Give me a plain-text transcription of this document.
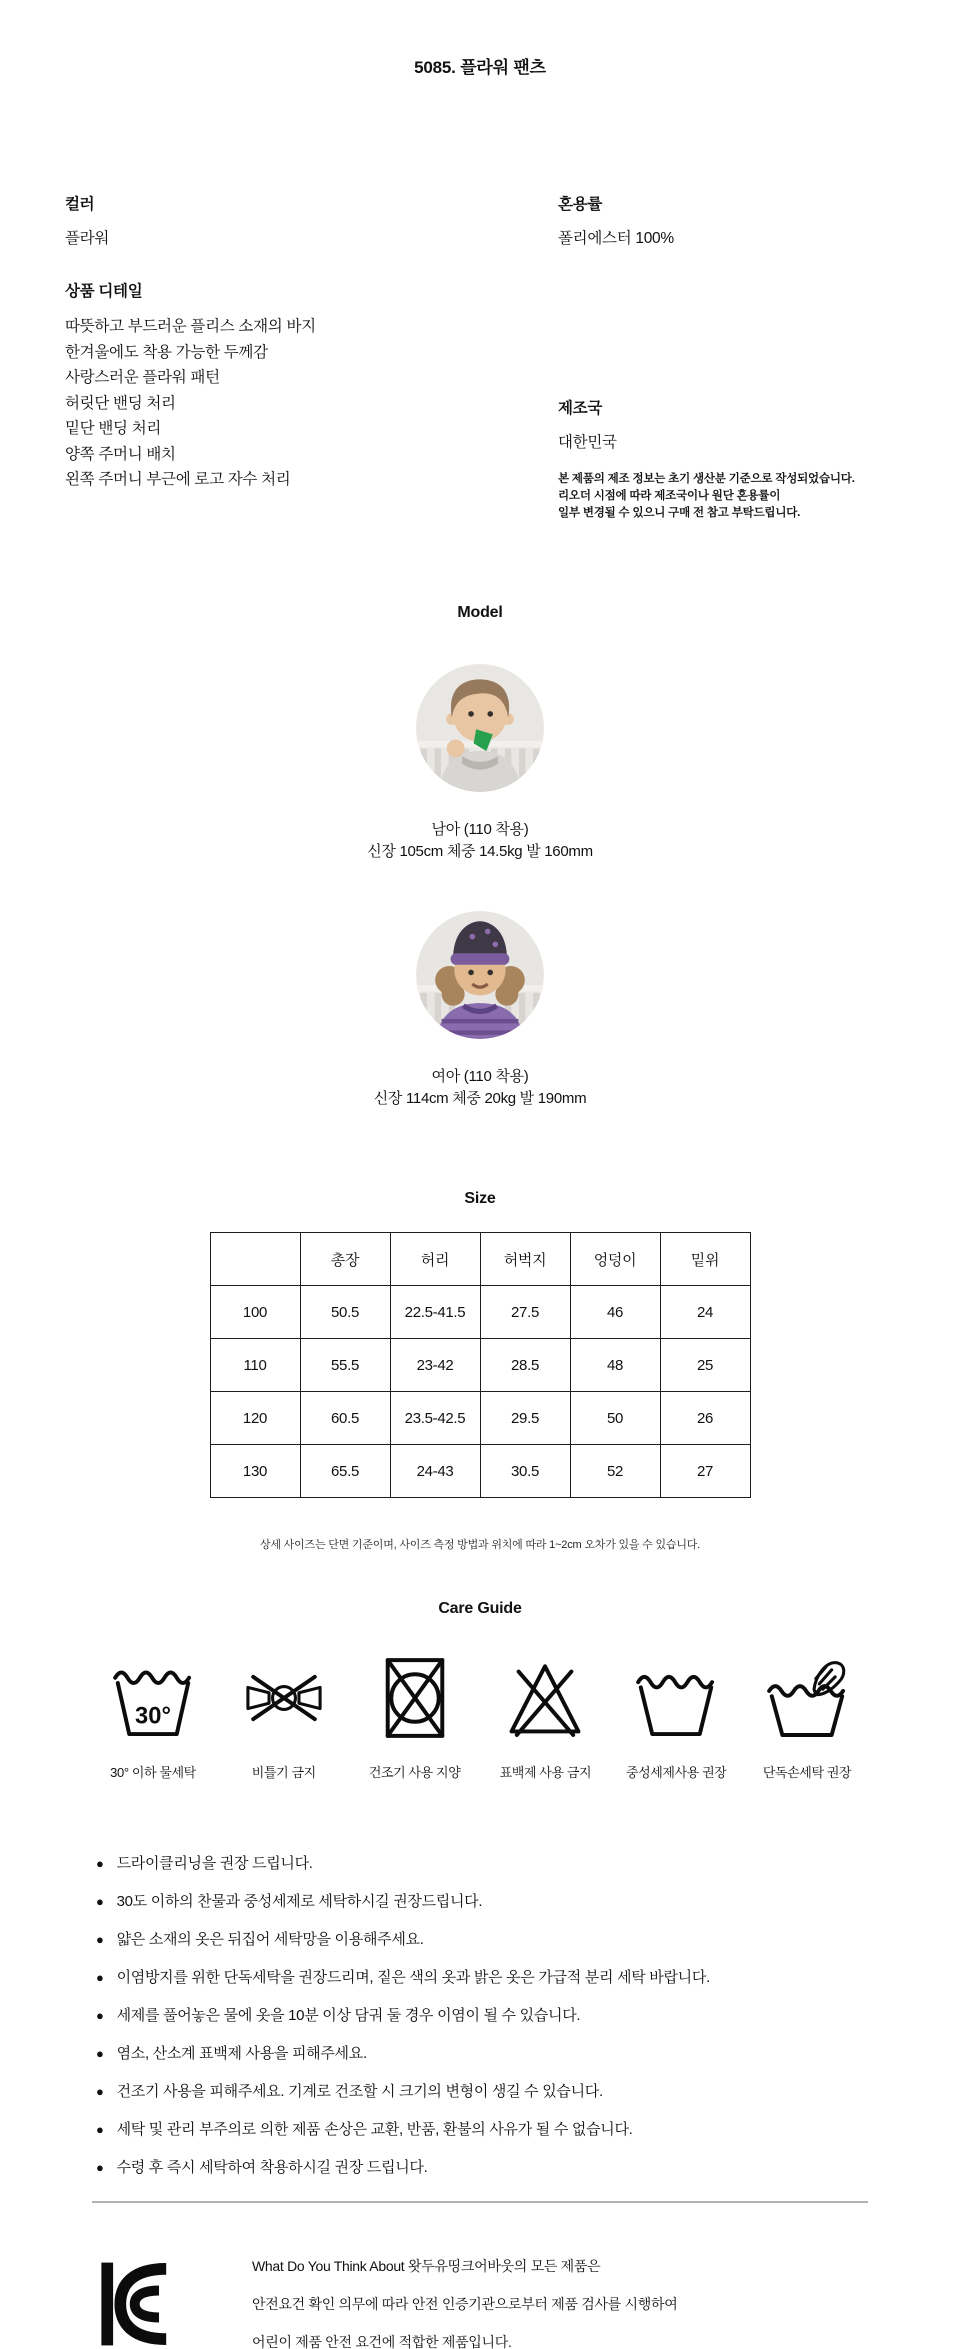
5085. 플라워 팬츠
컬러
플라워
상품 디테일
따뜻하고 부드러운 플리스 소재의 바지
한겨울에도 착용 가능한 두께감
사랑스러운 플라워 패턴
허릿단 밴딩 처리
밑단 밴딩 처리
양쪽 주머니 배치
왼쪽 주머니 부근에 로고 자수 처리
혼용률
폴리에스터 100%
제조국
대한민국
본 제품의 제조 정보는 초기 생산분 기준으로 작성되었습니다.
리오더 시점에 따라 제조국이나 원단 혼용률이
일부 변경될 수 있으니 구매 전 참고 부탁드립니다.
Model
남아 (110 착용)
신장 105cm 체중 14.5kg 발 160mm
여아 (110 착용)
신장 114cm 체중 20kg 발 190mm
Size
	총장	허리	허벅지	엉덩이	밑위
100	50.5	22.5-41.5	27.5	46	24
110	55.5	23-42	28.5	48	25
120	60.5	23.5-42.5	29.5	50	26
130	65.5	24-43	30.5	52	27
상세 사이즈는 단면 기준이며, 사이즈 측정 방법과 위치에 따라 1~2cm 오차가 있을 수 있습니다.
Care Guide
30°
30° 이하 물세탁	비틀기 금지	건조기 사용 지양	표백제 사용 금지	중성세제사용 권장	단독손세탁 권장
● 드라이클리닝을 권장 드립니다.
● 30도 이하의 찬물과 중성세제로 세탁하시길 권장드립니다.
● 얇은 소재의 옷은 뒤집어 세탁망을 이용해주세요.
● 이염방지를 위한 단독세탁을 권장드리며, 짙은 색의 옷과 밝은 옷은 가급적 분리 세탁 바랍니다.
● 세제를 풀어놓은 물에 옷을 10분 이상 담궈 둘 경우 이염이 될 수 있습니다.
● 염소, 산소계 표백제 사용을 피해주세요.
● 건조기 사용을 피해주세요. 기계로 건조할 시 크기의 변형이 생길 수 있습니다.
● 세탁 및 관리 부주의로 의한 제품 손상은 교환, 반품, 환불의 사유가 될 수 없습니다.
● 수령 후 즉시 세탁하여 착용하시길 권장 드립니다.
What Do You Think About 왓두유띵크어바웃의 모든 제품은
안전요건 확인 의무에 따라 안전 인증기관으로부터 제품 검사를 시행하여
어린이 제품 안전 요건에 적합한 제품입니다.
